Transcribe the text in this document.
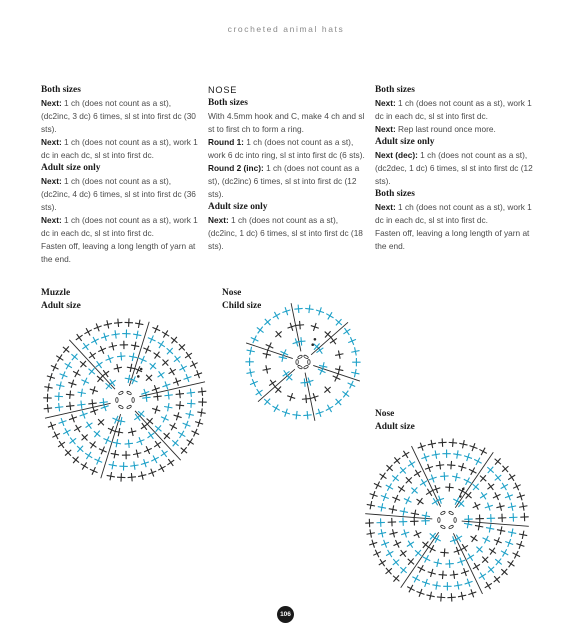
crocheted animal hats

Both sizes

Next: 1 ch (does not count as a st), (dc2inc, 3 dc) 6 times, sl st into first dc (30 sts).

Next: 1 ch (does not count as a st), work 1 dc in each dc, sl st into first dc.

Adult size only

Next: 1 ch (does not count as a st), (dc2inc, 4 dc) 6 times, sl st into first dc (36 sts).

Next: 1 ch (does not count as a st), work 1 dc in each dc, sl st into first dc.

Fasten off, leaving a long length of yarn at the end.

NOSE

Both sizes

With 4.5mm hook and C, make 4 ch and sl st to first ch to form a ring.

Round 1: 1 ch (does not count as a st), work 6 dc into ring, sl st into first dc (6 sts).

Round 2 (inc): 1 ch (does not count as a st), (dc2inc) 6 times, sl st into first dc (12 sts).

Adult size only

Next: 1 ch (does not count as a st), (dc2inc, 1 dc) 6 times, sl st into first dc (18 sts).

Both sizes

Next: 1 ch (does not count as a st), work 1 dc in each dc, sl st into first dc.

Next: Rep last round once more.

Adult size only

Next (dec): 1 ch (does not count as a st), (dc2dec, 1 dc) 6 times, sl st into first dc (12 sts).

Both sizes

Next: 1 ch (does not count as a st), work 1 dc in each dc, sl st into first dc.

Fasten off, leaving a long length of yarn at the end.

Muzzle
Adult size
Nose
Child size
Nose
Adult size
106
